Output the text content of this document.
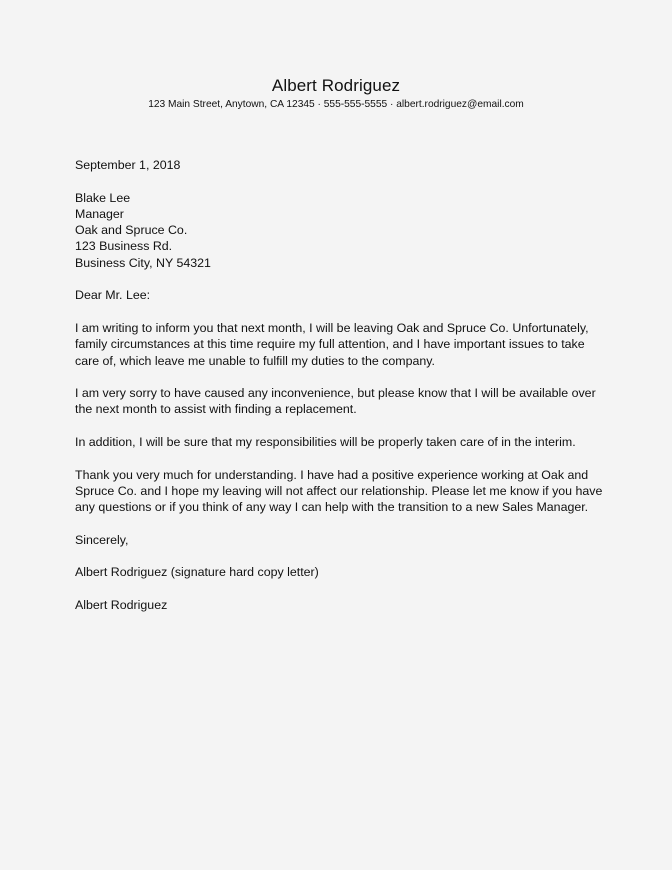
Albert Rodriguez
123 Main Street, Anytown, CA 12345 · 555-555-5555 · albert.rodriguez@email.com

September 1, 2018

Blake Lee
Manager
Oak and Spruce Co.
123 Business Rd.
Business City, NY 54321

Dear Mr. Lee:

I am writing to inform you that next month, I will be leaving Oak and Spruce Co. Unfortunately, family circumstances at this time require my full attention, and I have important issues to take care of, which leave me unable to fulfill my duties to the company.

I am very sorry to have caused any inconvenience, but please know that I will be available over the next month to assist with finding a replacement.

In addition, I will be sure that my responsibilities will be properly taken care of in the interim.

Thank you very much for understanding. I have had a positive experience working at Oak and Spruce Co. and I hope my leaving will not affect our relationship. Please let me know if you have any questions or if you think of any way I can help with the transition to a new Sales Manager.

Sincerely,

Albert Rodriguez (signature hard copy letter)

Albert Rodriguez
